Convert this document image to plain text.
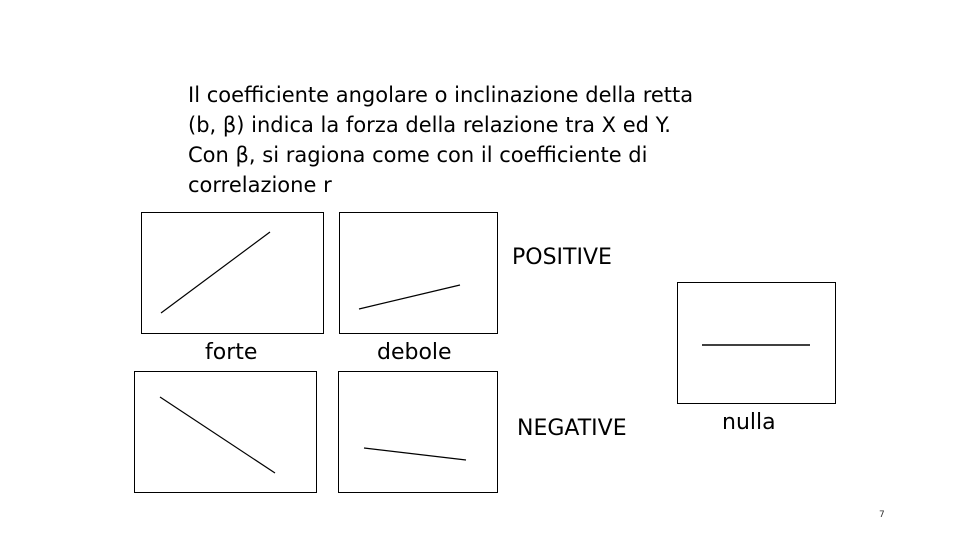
Il coefficiente angolare o inclinazione della retta
(b, β) indica la forza della relazione tra X ed Y.
Con β, si ragiona come con il coefficiente di
correlazione r
POSITIVE
forte	debole
NEGATIVE	nulla
7
